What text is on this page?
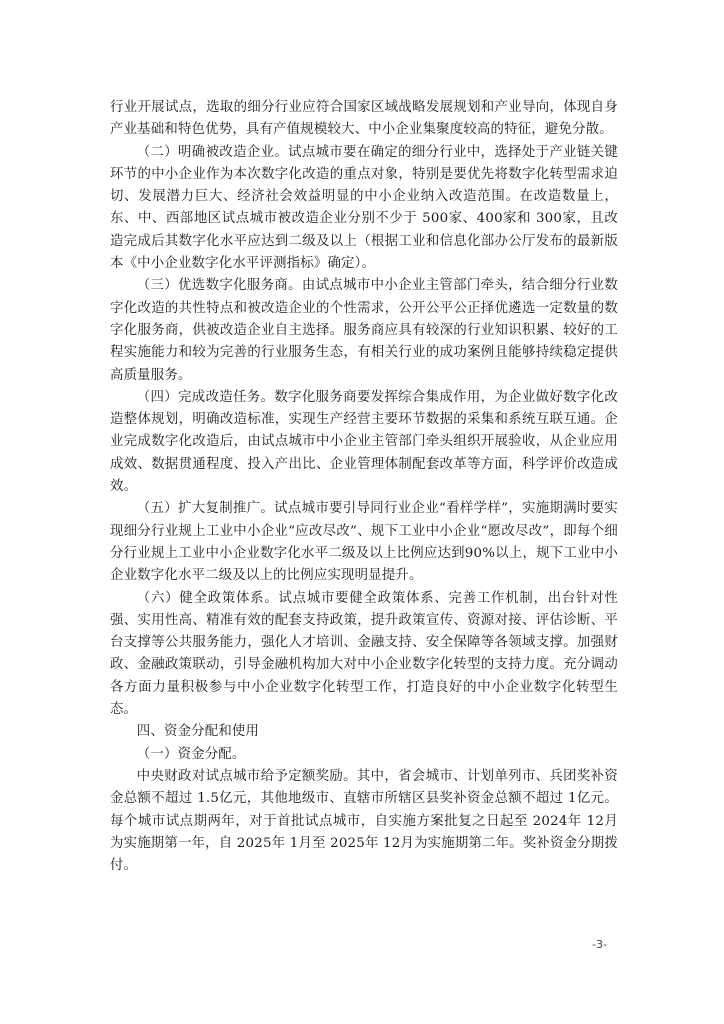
行业开展试点，选取的细分行业应符合国家区域战略发展规划和产业导向，体现自身产业基础和特色优势，具有产值规模较大、中小企业集聚度较高的特征，避免分散。

（二）明确被改造企业。试点城市要在确定的细分行业中，选择处于产业链关键环节的中小企业作为本次数字化改造的重点对象，特别是要优先将数字化转型需求迫切、发展潜力巨大、经济社会效益明显的中小企业纳入改造范围。在改造数量上，东、中、西部地区试点城市被改造企业分别不少于 500家、400家和 300家，且改造完成后其数字化水平应达到二级及以上（根据工业和信息化部办公厅发布的最新版本《中小企业数字化水平评测指标》确定）。

（三）优选数字化服务商。由试点城市中小企业主管部门牵头，结合细分行业数字化改造的共性特点和被改造企业的个性需求，公开公平公正择优遴选一定数量的数字化服务商，供被改造企业自主选择。服务商应具有较深的行业知识积累、较好的工程实施能力和较为完善的行业服务生态，有相关行业的成功案例且能够持续稳定提供高质量服务。

（四）完成改造任务。数字化服务商要发挥综合集成作用，为企业做好数字化改造整体规划，明确改造标准，实现生产经营主要环节数据的采集和系统互联互通。企业完成数字化改造后，由试点城市中小企业主管部门牵头组织开展验收，从企业应用成效、数据贯通程度、投入产出比、企业管理体制配套改革等方面，科学评价改造成效。

（五）扩大复制推广。试点城市要引导同行业企业“看样学样”，实施期满时要实现细分行业规上工业中小企业“应改尽改”、规下工业中小企业“愿改尽改”，即每个细分行业规上工业中小企业数字化水平二级及以上比例应达到90%以上，规下工业中小企业数字化水平二级及以上的比例应实现明显提升。

（六）健全政策体系。试点城市要健全政策体系、完善工作机制，出台针对性强、实用性高、精准有效的配套支持政策，提升政策宣传、资源对接、评估诊断、平台支撑等公共服务能力，强化人才培训、金融支持、安全保障等各领域支撑。加强财政、金融政策联动，引导金融机构加大对中小企业数字化转型的支持力度。充分调动各方面力量积极参与中小企业数字化转型工作，打造良好的中小企业数字化转型生态。

四、资金分配和使用

（一）资金分配。

中央财政对试点城市给予定额奖励。其中，省会城市、计划单列市、兵团奖补资金总额不超过 1.5亿元，其他地级市、直辖市所辖区县奖补资金总额不超过 1亿元。每个城市试点期两年，对于首批试点城市，自实施方案批复之日起至 2024年 12月为实施期第一年，自 2025年 1月至 2025年 12月为实施期第二年。奖补资金分期拨付。

-3-
